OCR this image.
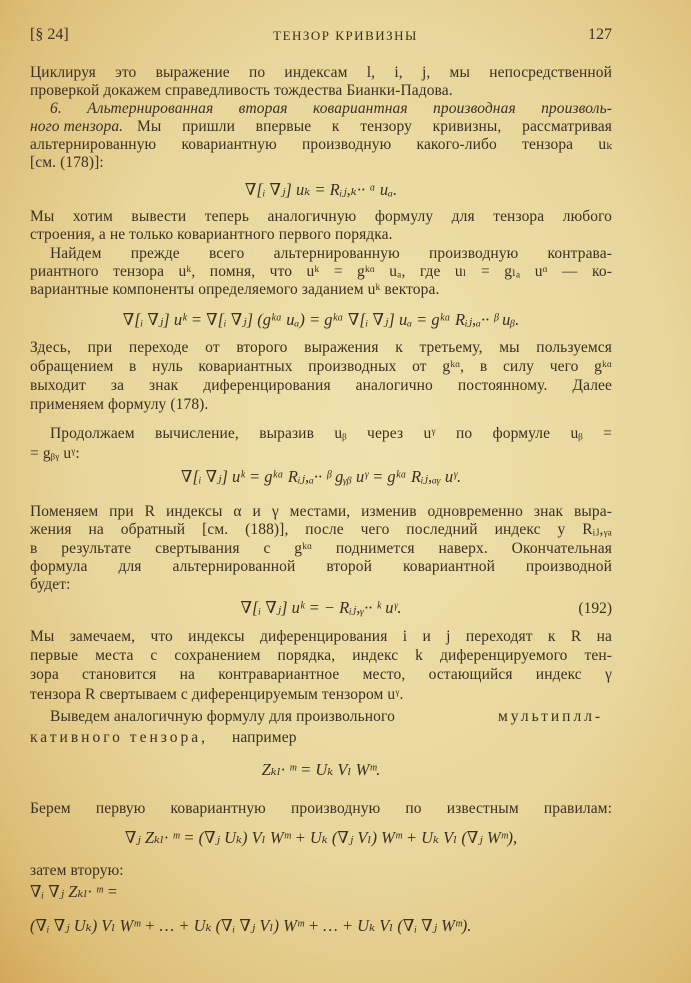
[§ 24]	ТЕНЗОР КРИВИЗНЫ	127
Циклируя это выражение по индексам l, i, j, мы непосредственной
проверкой докажем справедливость тождества Бианки-Падова.
6. Альтернированная вторая ковариантная производная произволь-
ного тензора. Мы пришли впервые к тензору кривизны, рассматривая
альтернированную ковариантную производную какого-либо тензора uₖ
[см. (178)]:
∇[ᵢ ∇ⱼ] uₖ = Rᵢⱼ,ₖ·· ᵅ uₐ.
Мы хотим вывести теперь аналогичную формулу для тензора любого
строения, а не только ковариантного первого порядка.
Найдем прежде всего альтернированную производную контрава-
риантного тензора uᵏ, помня, что uᵏ = gᵏᵅ uₐ, где uₗ = gₗₐ uᵅ — ко-
вариантные компоненты определяемого заданием uᵏ вектора.
∇[ᵢ ∇ⱼ] uᵏ = ∇[ᵢ ∇ⱼ] (gᵏᵅ uₐ) = gᵏᵅ ∇[ᵢ ∇ⱼ] uₐ = gᵏᵅ Rᵢⱼ,ₐ·· ᵝ uᵦ.
Здесь, при переходе от второго выражения к третьему, мы пользуемся
обращением в нуль ковариантных производных от gᵏᵅ, в силу чего gᵏᵅ
выходит за знак диференцирования аналогично постоянному. Далее
применяем формулу (178).
Продолжаем вычисление, выразив uᵦ через uᵞ по формуле uᵦ =
= gᵦᵧ uᵞ:
∇[ᵢ ∇ⱼ] uᵏ = gᵏᵅ Rᵢⱼ,ₐ·· ᵝ gᵧᵦ uᵞ = gᵏᵅ Rᵢⱼ,ₐᵧ uᵞ.
Поменяем при R индексы α и γ местами, изменив одновременно знак выра-
жения на обратный [см. (188)], после чего последний индекс у Rᵢⱼ,ᵧₐ
в результате свертывания с gᵏᵅ поднимется наверх. Окончательная
формула для альтернированной второй ковариантной производной
будет:
∇[ᵢ ∇ⱼ] uᵏ = − Rᵢⱼ,ᵧ·· ᵏ uᵞ.	(192)
Мы замечаем, что индексы диференцирования i и j переходят к R на
первые места с сохранением порядка, индекс k диференцируемого тен-
зора становится на контравариантное место, остающийся индекс γ
тензора R свертываем с диференцируемым тензором uᵞ.
Выведем аналогичную формулу для произвольного	мультиплл-
кативного тензора, например
Zₖₗ· ᵐ = Uₖ Vₗ Wᵐ.
Берем первую ковариантную производную по известным правилам:
∇ⱼ Zₖₗ· ᵐ = (∇ⱼ Uₖ) Vₗ Wᵐ + Uₖ (∇ⱼ Vₗ) Wᵐ + Uₖ Vₗ (∇ⱼ Wᵐ),
затем вторую:
∇ᵢ ∇ⱼ Zₖₗ· ᵐ =
(∇ᵢ ∇ⱼ Uₖ) Vₗ Wᵐ + … + Uₖ (∇ᵢ ∇ⱼ Vₗ) Wᵐ + … + Uₖ Vₗ (∇ᵢ ∇ⱼ Wᵐ).
